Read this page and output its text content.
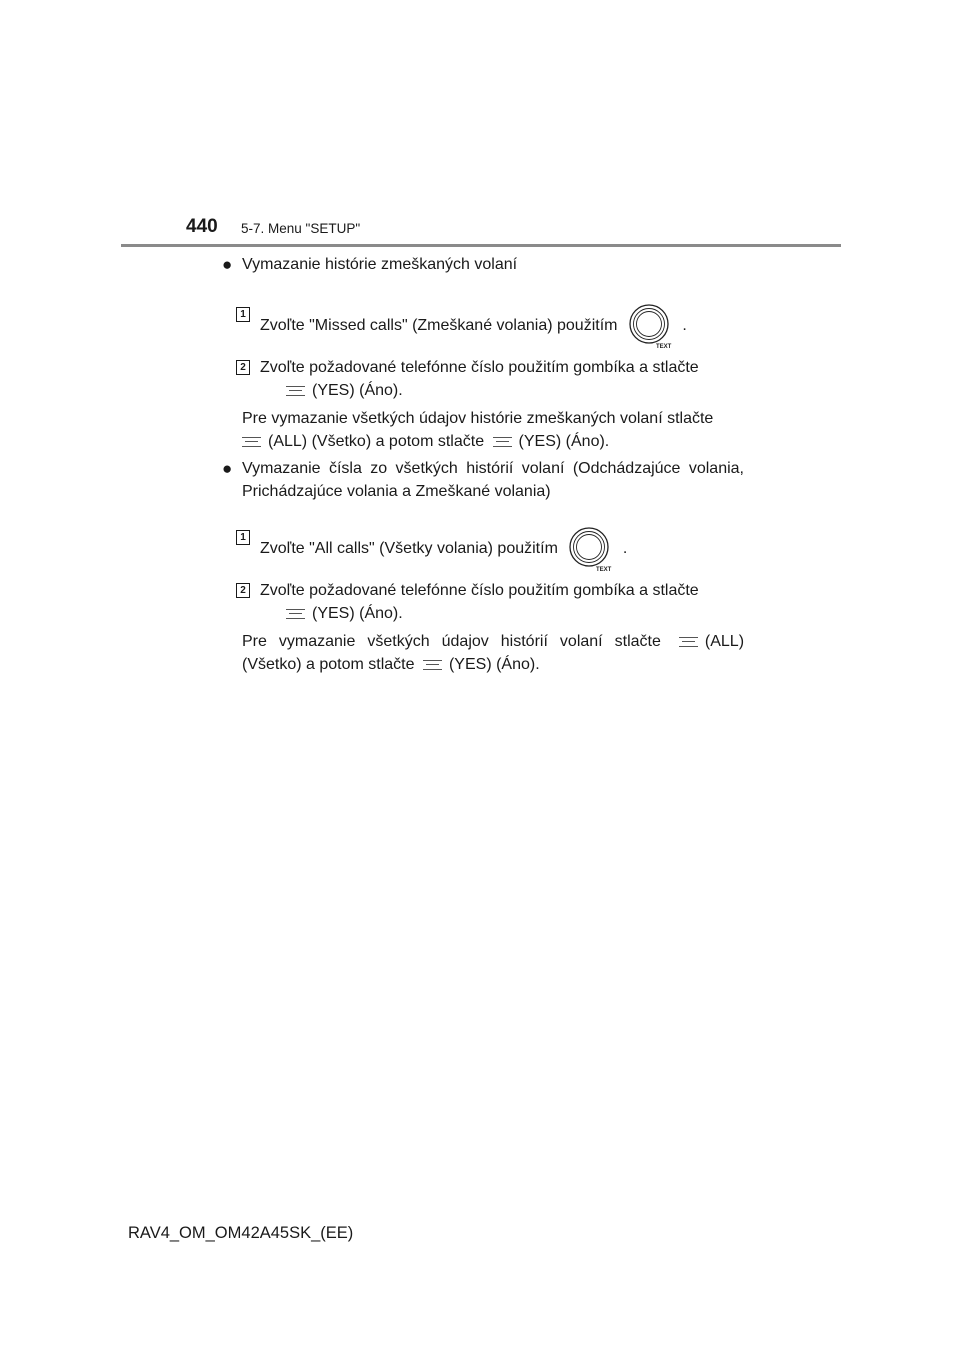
440 5-7. Menu "SETUP"
● Vymazanie histórie zmeškaných volaní
1
Zvoľte "Missed calls" (Zmeškané volania) použitím
TEXT
.
2 Zvoľte požadované telefónne číslo použitím gombíka a stlačte
(YES) (Áno).
Pre vymazanie všetkých údajov histórie zmeškaných volaní stlačte
(ALL) (Všetko) a potom stlačte (YES) (Áno).
● Vymazanie čísla zo všetkých histórií volaní (Odchádzajúce volania, Prichádzajúce volania a Zmeškané volania)
1
Zvoľte "All calls" (Všetky volania) použitím
TEXT
.
2 Zvoľte požadované telefónne číslo použitím gombíka a stlačte
(YES) (Áno).
Pre vymazanie všetkých údajov histórií volaní stlačte	(ALL) (Všetko) a potom stlačte (YES) (Áno).
RAV4_OM_OM42A45SK_(EE)
